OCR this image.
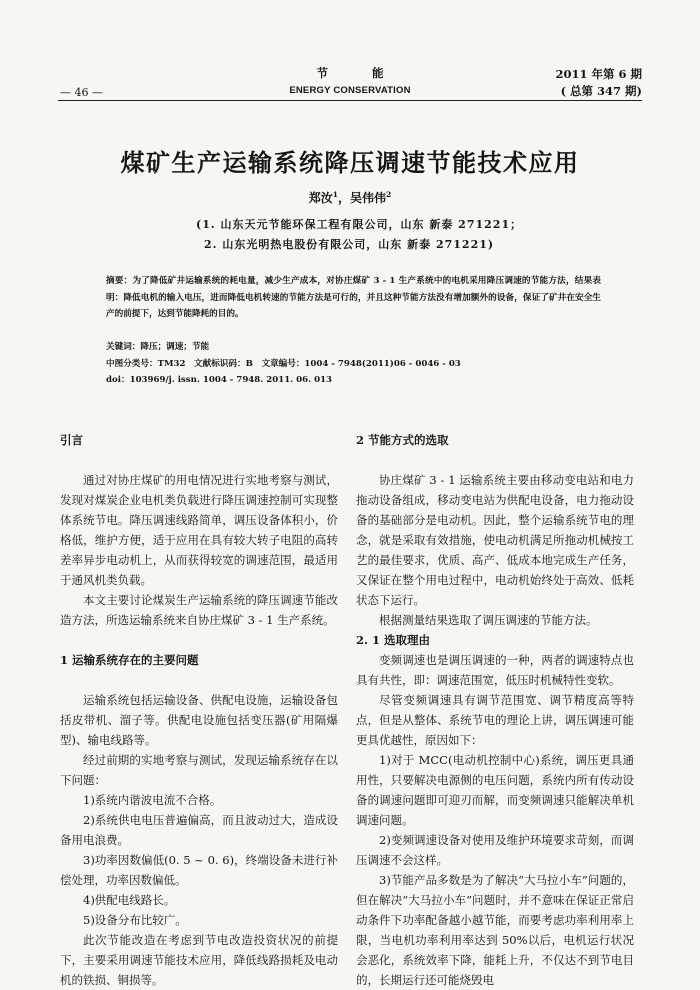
— 46 —
节 能
ENERGY CONSERVATION
2011 年第 6 期
( 总第 347 期)
煤矿生产运输系统降压调速节能技术应用
郑汝$^1$，吴伟伟$^2$
(1. 山东天元节能环保工程有限公司，山东 新泰 271221；
2. 山东光明热电股份有限公司，山东 新泰 271221)
摘要：为了降低矿井运输系统的耗电量，减少生产成本，对协庄煤矿 3 - 1 生产系统中的电机采用降压调速的节能方法，结果表明：降低电机的输入电压，进而降低电机转速的节能方法是可行的，并且这种节能方法没有增加额外的设备，保证了矿井在安全生产的前提下，达到节能降耗的目的。
关键词：降压；调速；节能
中图分类号：TM32　文献标识码：B　文章编号：1004 - 7948(2011)06 - 0046 - 03
doi：103969/j. issn. 1004 - 7948. 2011. 06. 013
引言
通过对协庄煤矿的用电情况进行实地考察与测试，发现对煤炭企业电机类负载进行降压调速控制可实现整体系统节电。降压调速线路简单，调压设备体积小，价格低，维护方便，适于应用在具有较大转子电阻的高转差率异步电动机上，从而获得较宽的调速范围，最适用于通风机类负载。
本文主要讨论煤炭生产运输系统的降压调速节能改造方法，所选运输系统来自协庄煤矿 3 - 1 生产系统。
1 运输系统存在的主要问题
运输系统包括运输设备、供配电设施，运输设备包括皮带机、溜子等。供配电设施包括变压器(矿用隔爆型)、输电线路等。
经过前期的实地考察与测试，发现运输系统存在以下问题：
1)系统内谐波电流不合格。
2)系统供电电压普遍偏高，而且波动过大，造成设备用电浪费。
3)功率因数偏低(0. 5 ~ 0. 6)，终端设备未进行补偿处理，功率因数偏低。
4)供配电线路长。
5)设备分布比较广。
此次节能改造在考虑到节电改造投资状况的前提下，主要采用调速节能技术应用，降低线路损耗及电动机的铁损、铜损等。
2 节能方式的选取
协庄煤矿 3 - 1 运输系统主要由移动变电站和电力拖动设备组成，移动变电站为供配电设备，电力拖动设备的基础部分是电动机。因此，整个运输系统节电的理念，就是采取有效措施，使电动机满足所拖动机械按工艺的最佳要求，优质、高产、低成本地完成生产任务，又保证在整个用电过程中，电动机始终处于高效、低耗状态下运行。
根据测量结果选取了调压调速的节能方法。
2. 1 选取理由
变频调速也是调压调速的一种，两者的调速特点也具有共性，即：调速范围宽，低压时机械特性变软。
尽管变频调速具有调节范围宽、调节精度高等特点，但是从整体、系统节电的理论上讲，调压调速可能更具优越性，原因如下：
1)对于 MCC(电动机控制中心)系统，调压更具通用性，只要解决电源侧的电压问题，系统内所有传动设备的调速问题即可迎刃而解，而变频调速只能解决单机调速问题。
2)变频调速设备对使用及维护环境要求苛刻，而调压调速不会这样。
3)节能产品多数是为了解决“大马拉小车”问题的，但在解决“大马拉小车”问题时，并不意味在保证正常启动条件下功率配备越小越节能，而要考虑功率利用率上限，当电机功率利用率达到 50%以后，电机运行状况会恶化，系统效率下降，能耗上升，不仅达不到节电目的，长期运行还可能烧毁电
